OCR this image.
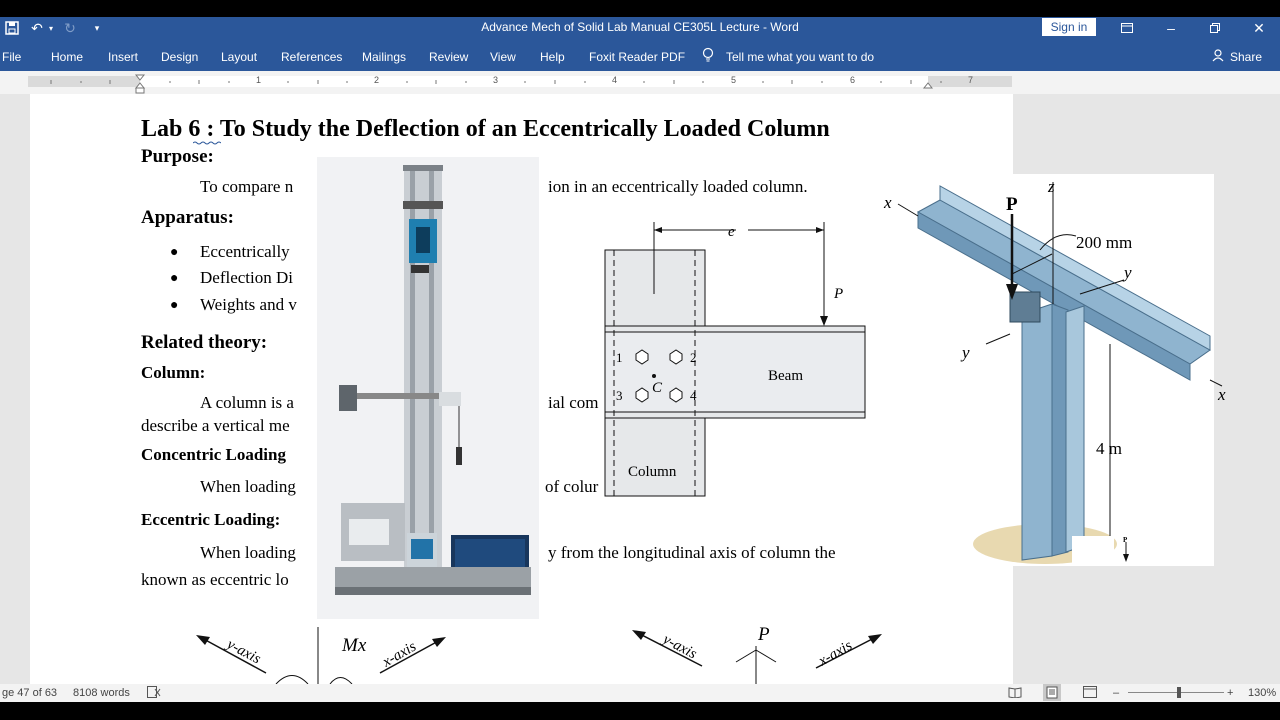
↶ ▾ ↻	▾	Advance Mech of Solid Lab Manual CE305L Lecture - Word	Sign in	–	✕
File Home Insert Design Layout References Mailings Review View Help Foxit Reader PDF	Tell me what you want to do	Share
1	2	3	4	5	6	7
Lab 6 : To Study the Deflection of an Eccentrically Loaded Column
Purpose:
To compare n	ion in an eccentrically loaded column.
Apparatus:
● Eccentrically
● Deflection Di
● Weights and v
Related theory:
Column:
A column is a	ial com
describe a vertical me
Concentric Loading
When loading	of colur
Eccentric Loading:
When loading	y from the longitudinal axis of column the
known as eccentric lo
e
P
Beam
Column
C
1	2
3	4
y-axis	Mx x-axis	y-axis	P
x-axis
P
z
x
x
y
y
200 mm
4 m
P
ge 47 of 63 8108 words	–	+ 130%
